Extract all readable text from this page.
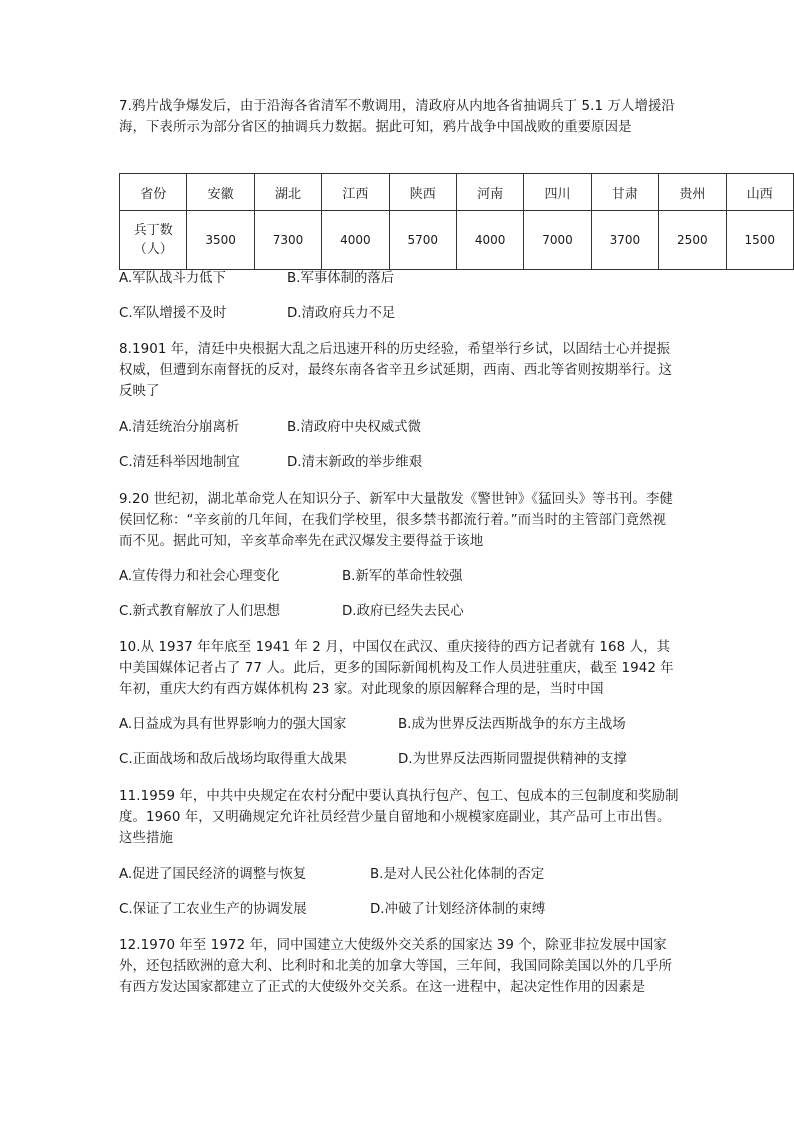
7.鸦片战争爆发后，由于沿海各省清军不敷调用，清政府从内地各省抽调兵丁 5.1 万人增援沿海，下表所示为部分省区的抽调兵力数据。据此可知，鸦片战争中国战败的重要原因是

省份	安徽	湖北	江西	陕西	河南	四川	甘肃	贵州	山西
兵丁数（人）	3500	7300	4000	5700	4000	7000	3700	2500	1500
A.军队战斗力低下	B.军事体制的落后
C.军队增援不及时	D.清政府兵力不足

8.1901 年，清廷中央根据大乱之后迅速开科的历史经验，希望举行乡试，以固结士心并提振权威，但遭到东南督抚的反对，最终东南各省辛丑乡试延期，西南、西北等省则按期举行。这反映了

A.清廷统治分崩离析	B.清政府中央权威式微
C.清廷科举因地制宜	D.清末新政的举步维艰

9.20 世纪初，湖北革命党人在知识分子、新军中大量散发《警世钟》《猛回头》等书刊。李健侯回忆称：“辛亥前的几年间，在我们学校里，很多禁书都流行着。”而当时的主管部门竟然视而不见。据此可知，辛亥革命率先在武汉爆发主要得益于该地

A.宣传得力和社会心理变化	B.新军的革命性较强
C.新式教育解放了人们思想	D.政府已经失去民心

10.从 1937 年年底至 1941 年 2 月，中国仅在武汉、重庆接待的西方记者就有 168 人，其中美国媒体记者占了 77 人。此后，更多的国际新闻机构及工作人员进驻重庆，截至 1942 年年初，重庆大约有西方媒体机构 23 家。对此现象的原因解释合理的是，当时中国

A.日益成为具有世界影响力的强大国家	B.成为世界反法西斯战争的东方主战场
C.正面战场和敌后战场均取得重大战果	D.为世界反法西斯同盟提供精神的支撑

11.1959 年，中共中央规定在农村分配中要认真执行包产、包工、包成本的三包制度和奖励制度。1960 年，又明确规定允许社员经营少量自留地和小规模家庭副业，其产品可上市出售。这些措施

A.促进了国民经济的调整与恢复	B.是对人民公社化体制的否定
C.保证了工农业生产的协调发展	D.冲破了计划经济体制的束缚

12.1970 年至 1972 年，同中国建立大使级外交关系的国家达 39 个，除亚非拉发展中国家外，还包括欧洲的意大利、比利时和北美的加拿大等国，三年间，我国同除美国以外的几乎所有西方发达国家都建立了正式的大使级外交关系。在这一进程中，起决定性作用的因素是
